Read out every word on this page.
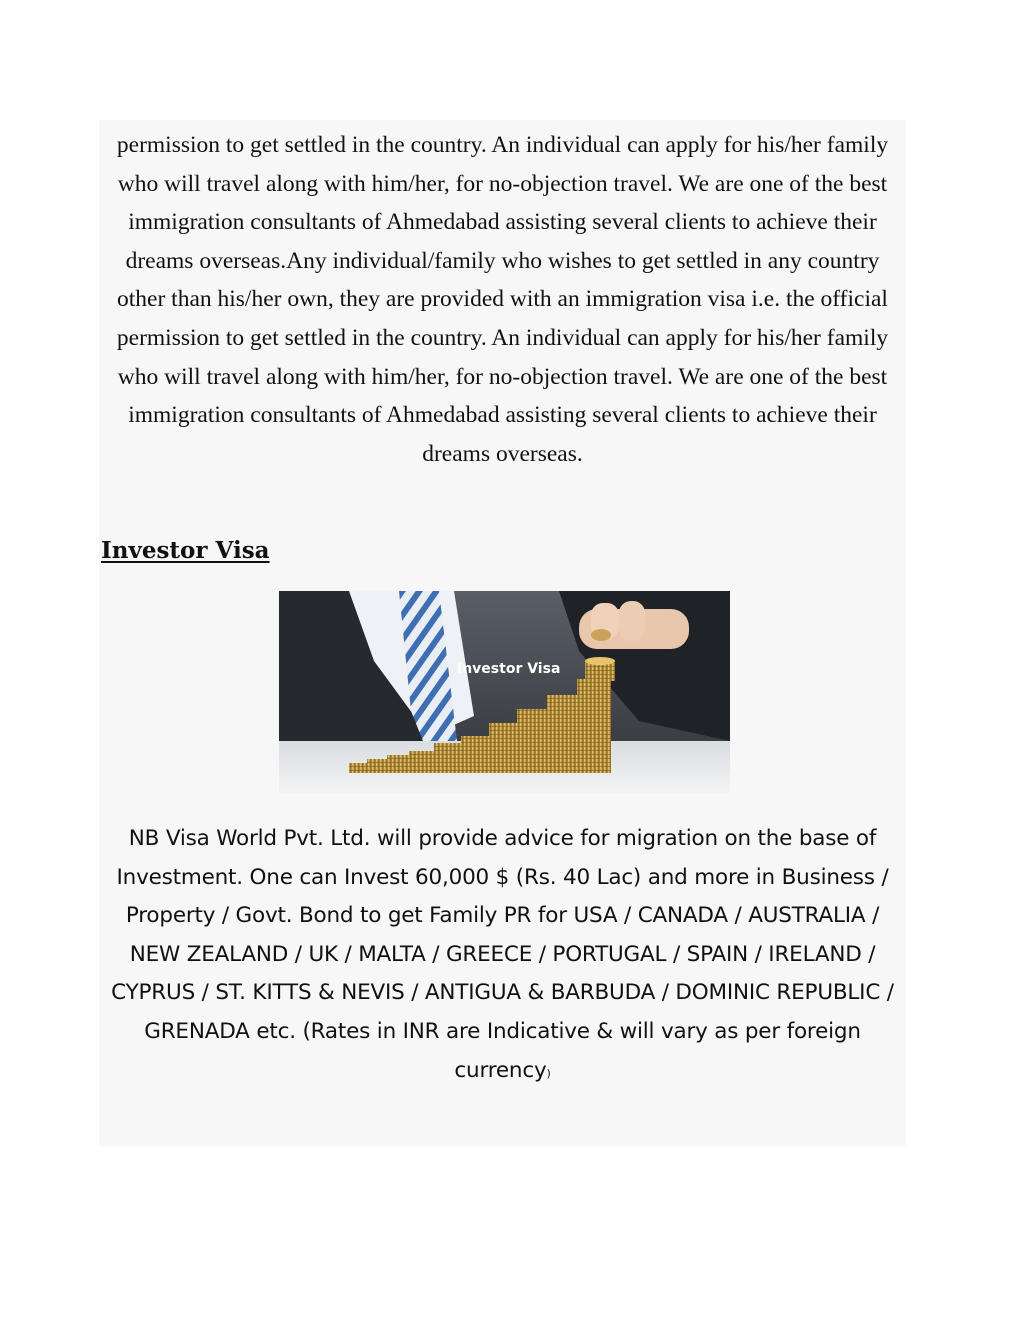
permission to get settled in the country. An individual can apply for his/her family who will travel along with him/her, for no-objection travel. We are one of the best immigration consultants of Ahmedabad assisting several clients to achieve their dreams overseas.Any individual/family who wishes to get settled in any country other than his/her own, they are provided with an immigration visa i.e. the official permission to get settled in the country. An individual can apply for his/her family who will travel along with him/her, for no-objection travel. We are one of the best immigration consultants of Ahmedabad assisting several clients to achieve their dreams overseas.

Investor Visa
Investor Visa

NB Visa World Pvt. Ltd. will provide advice for migration on the base of Investment. One can Invest 60,000 $ (Rs. 40 Lac) and more in Business / Property / Govt. Bond to get Family PR for USA / CANADA / AUSTRALIA / NEW ZEALAND / UK / MALTA / GREECE / PORTUGAL / SPAIN / IRELAND / CYPRUS / ST. KITTS & NEVIS / ANTIGUA & BARBUDA / DOMINIC REPUBLIC / GRENADA etc. (Rates in INR are Indicative & will vary as per foreign currency)
